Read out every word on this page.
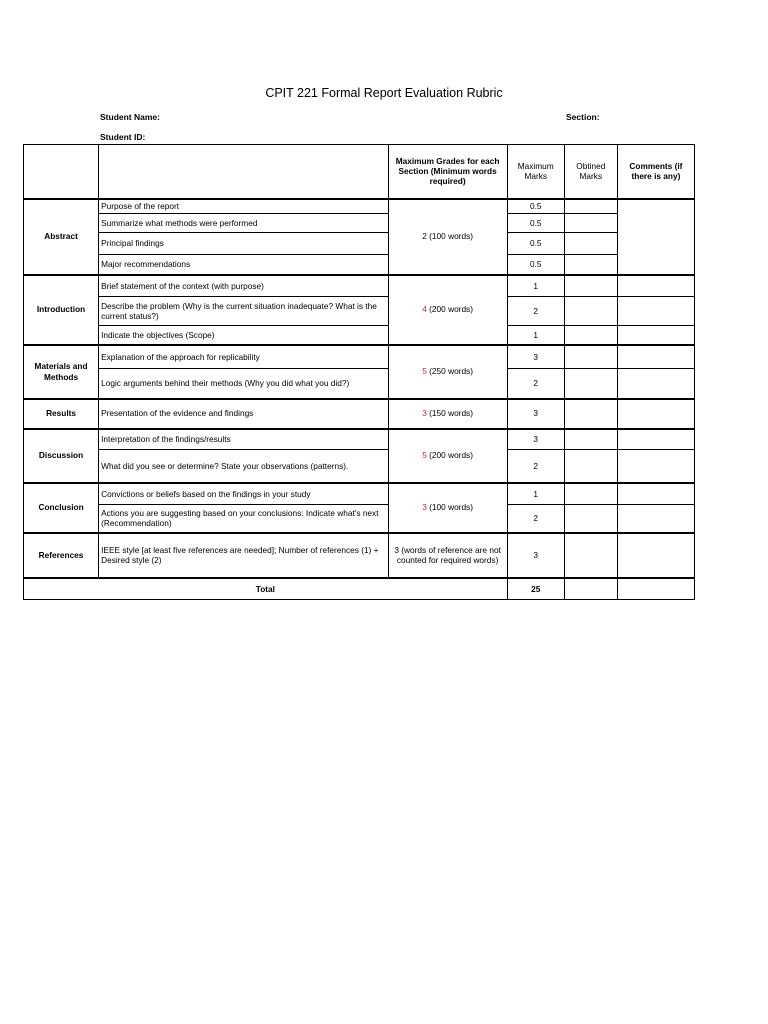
CPIT 221 Formal Report Evaluation Rubric
Student Name:	Section:
Student ID:
		Maximum Grades for each Section (Minimum words required)	Maximum Marks	Obtined Marks	Comments (if there is any)
Abstract	Purpose of the report	2 (100 words)	0.5		
	Summarize what methods were performed		0.5		
	Principal findings		0.5		
	Major recommendations		0.5		
Introduction	Brief statement of the context (with purpose)	4 (200 words)	1		
	Describe the problem (Why is the current situation inadequate? What is the current status?)		2		
	Indicate the objectives (Scope)		1		
Materials and Methods	Explanation of the approach for replicability	5 (250 words)	3		
	Logic arguments behind their methods (Why you did what you did?)		2		
Results	Presentation of the evidence and findings	3 (150 words)	3		
Discussion	Interpretation of the findings/results	5 (200 words)	3		
	What did you see or determine? State your observations (patterns).		2		
Conclusion	Convictions or beliefs based on the findings in your study	3 (100 words)	1		
	Actions you are suggesting based on your conclusions: Indicate what's next (Recommendation)		2		
References	IEEE style [at least five references are needed]; Number of references (1) + Desired style (2)	3 (words of reference are not counted for required words)	3		
Total			25		
